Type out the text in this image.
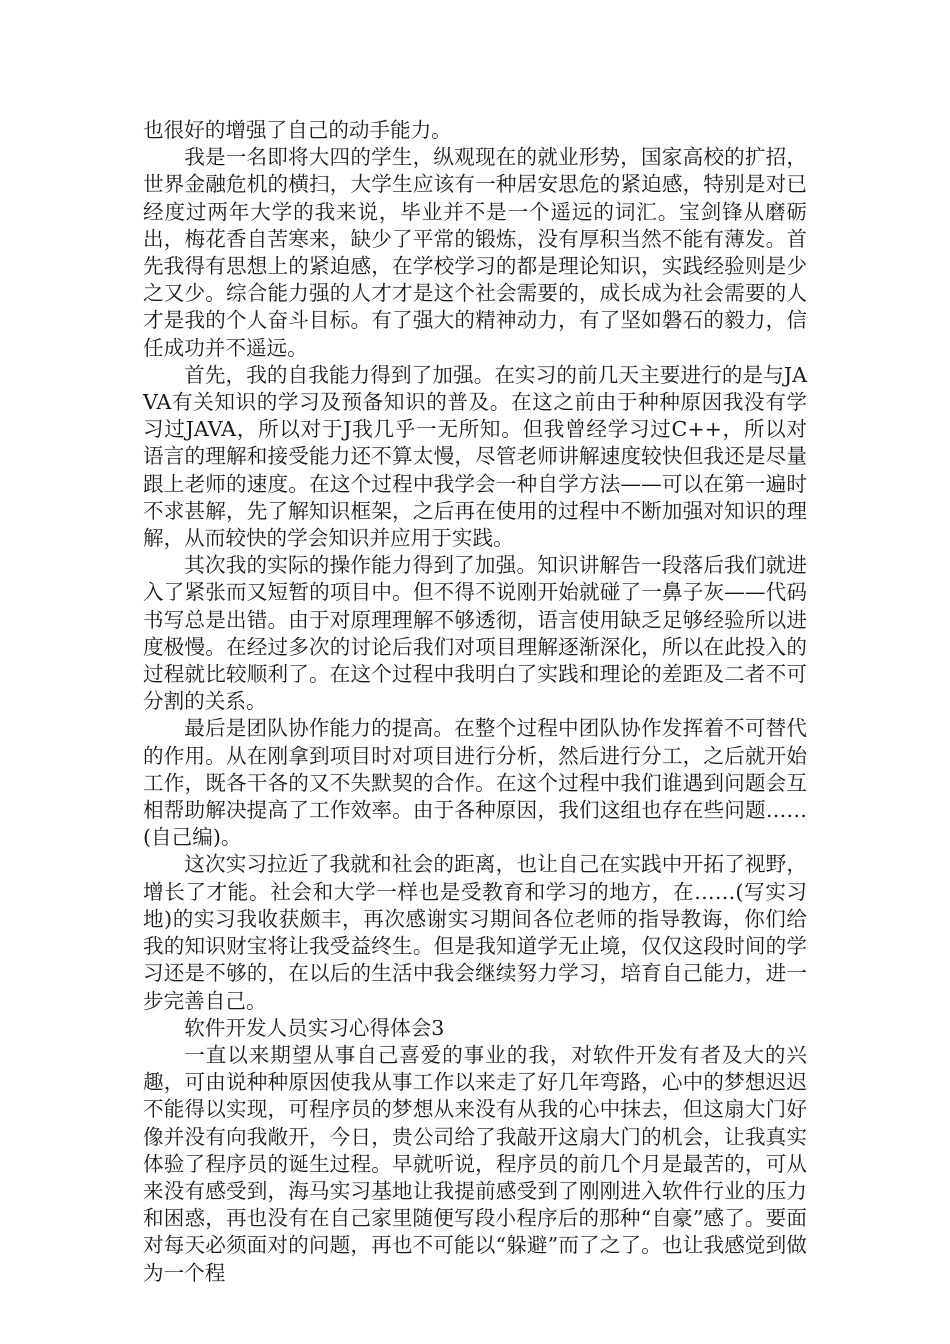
也很好的增强了自己的动手能力。

我是一名即将大四的学生，纵观现在的就业形势，国家高校的扩招，世界金融危机的横扫，大学生应该有一种居安思危的紧迫感，特别是对已经度过两年大学的我来说，毕业并不是一个遥远的词汇。宝剑锋从磨砺出，梅花香自苦寒来，缺少了平常的锻炼，没有厚积当然不能有薄发。首先我得有思想上的紧迫感，在学校学习的都是理论知识，实践经验则是少之又少。综合能力强的人才才是这个社会需要的，成长成为社会需要的人才是我的个人奋斗目标。有了强大的精神动力，有了坚如磐石的毅力，信任成功并不遥远。

首先，我的自我能力得到了加强。在实习的前几天主要进行的是与JAVA有关知识的学习及预备知识的普及。在这之前由于种种原因我没有学习过JAVA，所以对于J我几乎一无所知。但我曾经学习过C++，所以对语言的理解和接受能力还不算太慢，尽管老师讲解速度较快但我还是尽量跟上老师的速度。在这个过程中我学会一种自学方法——可以在第一遍时不求甚解，先了解知识框架，之后再在使用的过程中不断加强对知识的理解，从而较快的学会知识并应用于实践。

其次我的实际的操作能力得到了加强。知识讲解告一段落后我们就进入了紧张而又短暂的项目中。但不得不说刚开始就碰了一鼻子灰——代码书写总是出错。由于对原理理解不够透彻，语言使用缺乏足够经验所以进度极慢。在经过多次的讨论后我们对项目理解逐渐深化，所以在此投入的过程就比较顺利了。在这个过程中我明白了实践和理论的差距及二者不可分割的关系。

最后是团队协作能力的提高。在整个过程中团队协作发挥着不可替代的作用。从在刚拿到项目时对项目进行分析，然后进行分工，之后就开始工作，既各干各的又不失默契的合作。在这个过程中我们谁遇到问题会互相帮助解决提高了工作效率。由于各种原因，我们这组也存在些问题……(自己编)。

这次实习拉近了我就和社会的距离，也让自己在实践中开拓了视野，增长了才能。社会和大学一样也是受教育和学习的地方，在……(写实习地)的实习我收获颇丰，再次感谢实习期间各位老师的指导教诲，你们给我的知识财宝将让我受益终生。但是我知道学无止境，仅仅这段时间的学习还是不够的，在以后的生活中我会继续努力学习，培育自己能力，进一步完善自己。

软件开发人员实习心得体会3

一直以来期望从事自己喜爱的事业的我，对软件开发有者及大的兴趣，可由说种种原因使我从事工作以来走了好几年弯路，心中的梦想迟迟不能得以实现，可程序员的梦想从来没有从我的心中抹去，但这扇大门好像并没有向我敞开，今日，贵公司给了我敲开这扇大门的机会，让我真实体验了程序员的诞生过程。早就听说，程序员的前几个月是最苦的，可从来没有感受到，海马实习基地让我提前感受到了刚刚进入软件行业的压力和困惑，再也没有在自己家里随便写段小程序后的那种“自豪”感了。要面对每天必须面对的问题，再也不可能以“躲避”而了之了。也让我感觉到做为一个程
